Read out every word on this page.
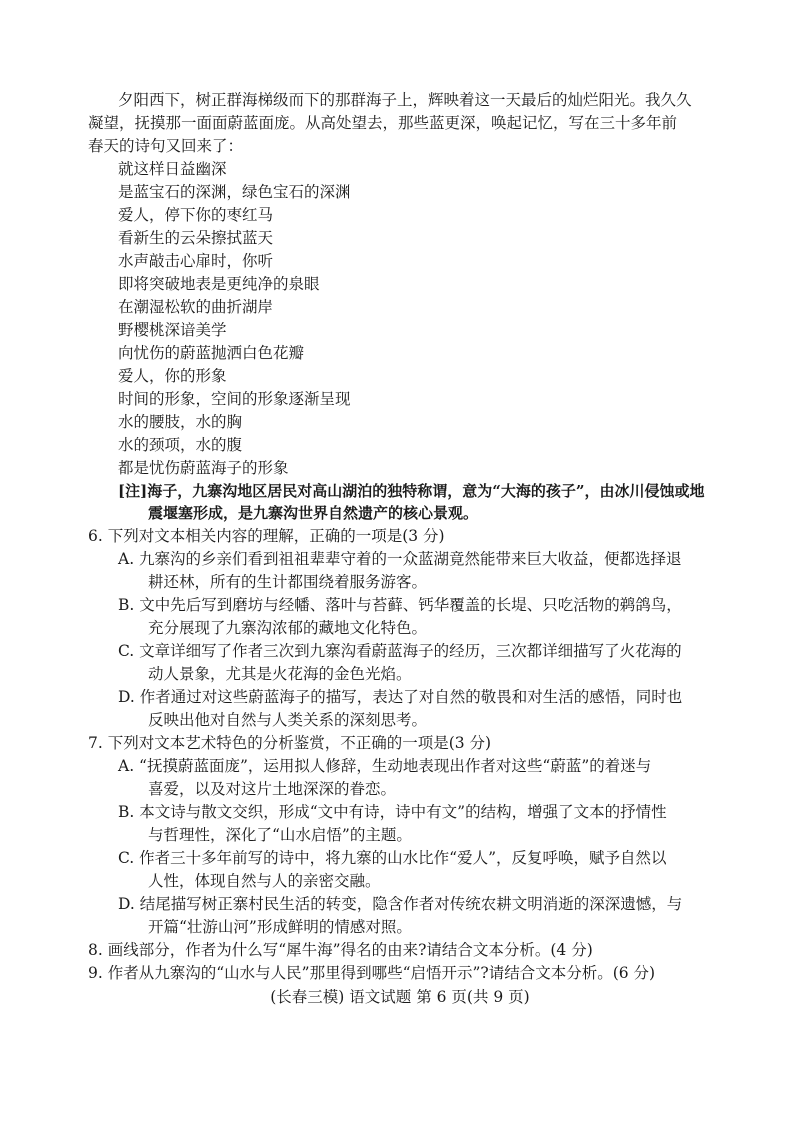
夕阳西下，树正群海梯级而下的那群海子上，辉映着这一天最后的灿烂阳光。我久久
凝望，抚摸那一面面蔚蓝面庞。从高处望去，那些蓝更深，唤起记忆，写在三十多年前
春天的诗句又回来了：
就这样日益幽深
是蓝宝石的深渊，绿色宝石的深渊
爱人，停下你的枣红马
看新生的云朵擦拭蓝天
水声敲击心扉时，你听
即将突破地表是更纯净的泉眼
在潮湿松软的曲折湖岸
野樱桃深谙美学
向忧伤的蔚蓝抛洒白色花瓣
爱人，你的形象
时间的形象，空间的形象逐渐呈现
水的腰肢，水的胸
水的颈项，水的腹
都是忧伤蔚蓝海子的形象
[注]海子，九寨沟地区居民对高山湖泊的独特称谓，意为“大海的孩子”，由冰川侵蚀或地
震堰塞形成，是九寨沟世界自然遗产的核心景观。
6. 下列对文本相关内容的理解，正确的一项是(3 分)
A. 九寨沟的乡亲们看到祖祖辈辈守着的一众蓝湖竟然能带来巨大收益，便都选择退
耕还林，所有的生计都围绕着服务游客。
B. 文中先后写到磨坊与经幡、落叶与苔藓、钙华覆盖的长堤、只吃活物的鹈鸽鸟，
充分展现了九寨沟浓郁的藏地文化特色。
C. 文章详细写了作者三次到九寨沟看蔚蓝海子的经历，三次都详细描写了火花海的
动人景象，尤其是火花海的金色光焰。
D. 作者通过对这些蔚蓝海子的描写，表达了对自然的敬畏和对生活的感悟，同时也
反映出他对自然与人类关系的深刻思考。
7. 下列对文本艺术特色的分析鉴赏，不正确的一项是(3 分)
A. “抚摸蔚蓝面庞”，运用拟人修辞，生动地表现出作者对这些“蔚蓝”的着迷与
喜爱，以及对这片土地深深的眷恋。
B. 本文诗与散文交织，形成“文中有诗，诗中有文”的结构，增强了文本的抒情性
与哲理性，深化了“山水启悟”的主题。
C. 作者三十多年前写的诗中，将九寨的山水比作“爱人”，反复呼唤，赋予自然以
人性，体现自然与人的亲密交融。
D. 结尾描写树正寨村民生活的转变，隐含作者对传统农耕文明消逝的深深遗憾，与
开篇“壮游山河”形成鲜明的情感对照。
8. 画线部分，作者为什么写“犀牛海”得名的由来?请结合文本分析。(4 分)
9. 作者从九寨沟的“山水与人民”那里得到哪些“启悟开示”?请结合文本分析。(6 分)
(长春三模) 语文试题 第 6 页(共 9 页)
